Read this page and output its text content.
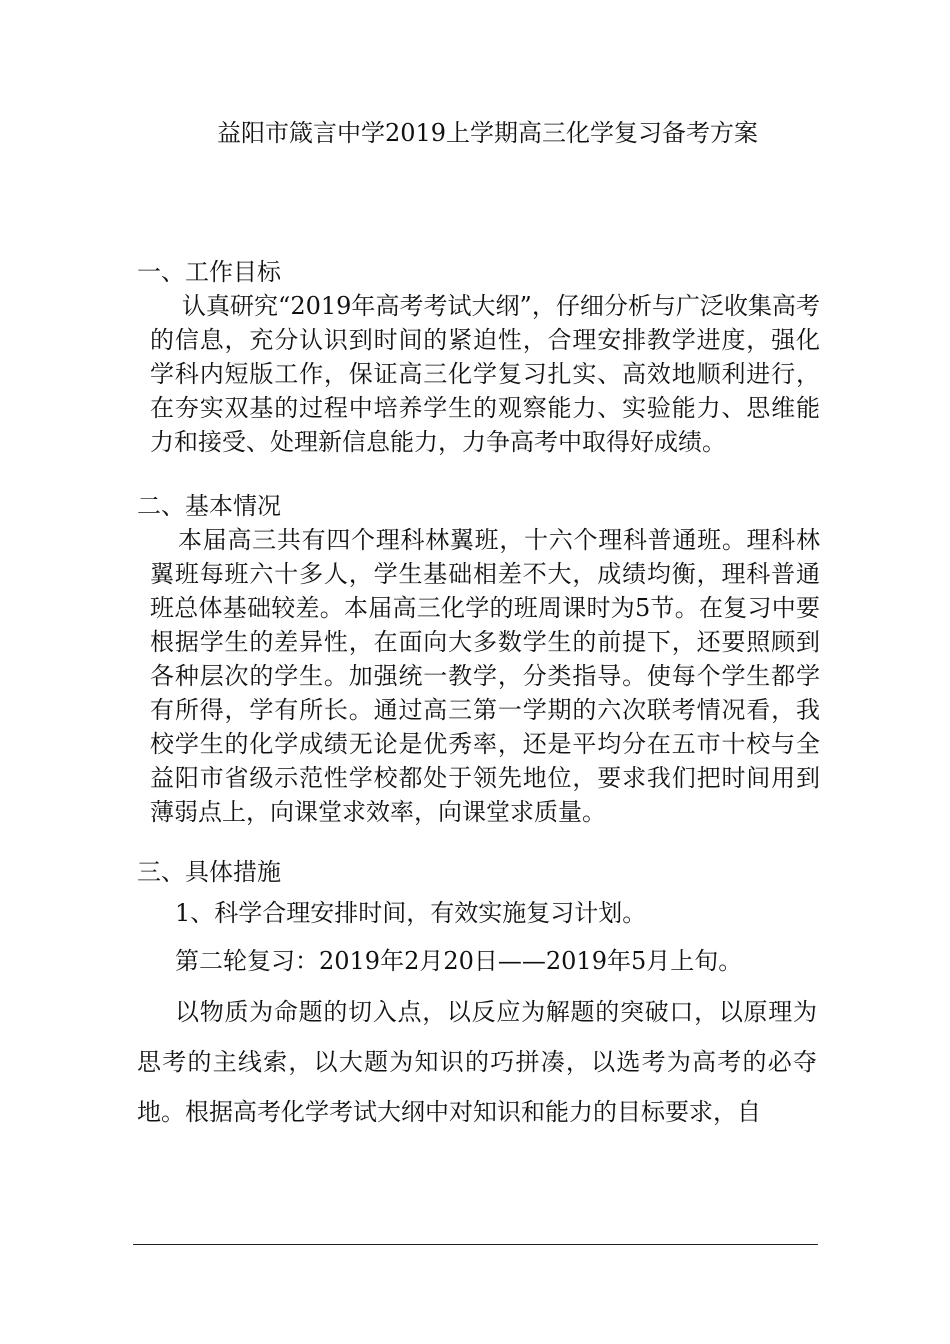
益阳市箴言中学2019上学期高三化学复习备考方案
一、工作目标
认真研究“2019年高考考试大纲”，仔细分析与广泛收集高考的信息，充分认识到时间的紧迫性，合理安排教学进度，强化学科内短版工作，保证高三化学复习扎实、高效地顺利进行，在夯实双基的过程中培养学生的观察能力、实验能力、思维能力和接受、处理新信息能力，力争高考中取得好成绩。
二、基本情况
本届高三共有四个理科林翼班，十六个理科普通班。理科林翼班每班六十多人，学生基础相差不大，成绩均衡，理科普通班总体基础较差。本届高三化学的班周课时为5节。在复习中要根据学生的差异性，在面向大多数学生的前提下，还要照顾到各种层次的学生。加强统一教学，分类指导。使每个学生都学有所得，学有所长。通过高三第一学期的六次联考情况看，我校学生的化学成绩无论是优秀率，还是平均分在五市十校与全益阳市省级示范性学校都处于领先地位，要求我们把时间用到薄弱点上，向课堂求效率，向课堂求质量。
三、具体措施
1、科学合理安排时间，有效实施复习计划。
第二轮复习：2019年2月20日——2019年5月上旬。
以物质为命题的切入点，以反应为解题的突破口，以原理为思考的主线索，以大题为知识的巧拼凑，以选考为高考的必夺地。根据高考化学考试大纲中对知识和能力的目标要求，自
